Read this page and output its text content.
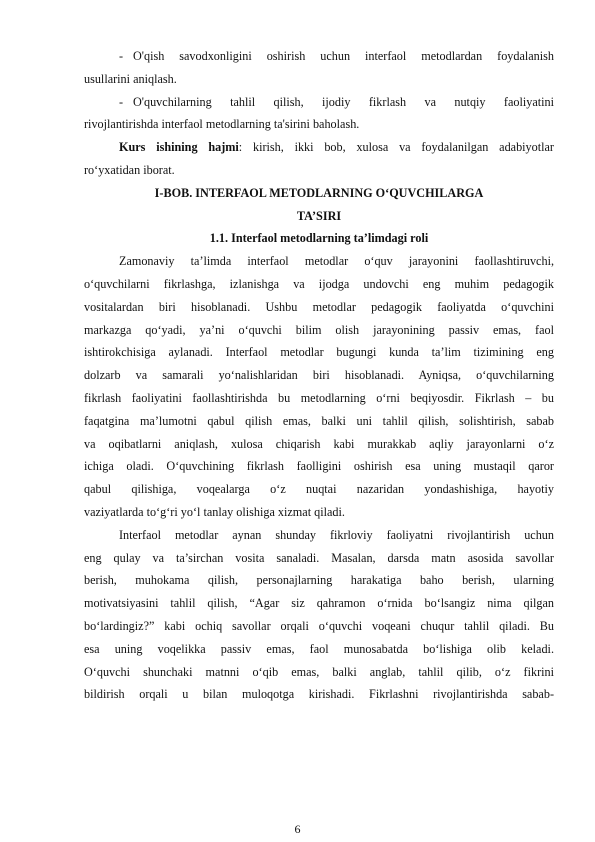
- O'qish savodxonligini oshirish uchun interfaol metodlardan foydalanish
usullarini aniqlash.
- O'quvchilarning tahlil qilish, ijodiy fikrlash va nutqiy faoliyatini
rivojlantirishda interfaol metodlarning ta'sirini baholash.
Kurs ishining hajmi: kirish, ikki bob, xulosa va foydalanilgan adabiyotlar
ro‘yxatidan iborat.
I-BOB. INTERFAOL METODLARNING O‘QUVCHILARGA
TA’SIRI
1.1. Interfaol metodlarning ta’limdagi roli
Zamonaviy ta’limda interfaol metodlar o‘quv jarayonini faollashtiruvchi,
o‘quvchilarni fikrlashga, izlanishga va ijodga undovchi eng muhim pedagogik
vositalardan biri hisoblanadi. Ushbu metodlar pedagogik faoliyatda o‘quvchini
markazga qo‘yadi, ya’ni o‘quvchi bilim olish jarayonining passiv emas, faol
ishtirokchisiga aylanadi. Interfaol metodlar bugungi kunda ta’lim tizimining eng
dolzarb va samarali yo‘nalishlaridan biri hisoblanadi. Ayniqsa, o‘quvchilarning
fikrlash faoliyatini faollashtirishda bu metodlarning o‘rni beqiyosdir. Fikrlash – bu
faqatgina ma’lumotni qabul qilish emas, balki uni tahlil qilish, solishtirish, sabab
va oqibatlarni aniqlash, xulosa chiqarish kabi murakkab aqliy jarayonlarni o‘z
ichiga oladi. O‘quvchining fikrlash faolligini oshirish esa uning mustaqil qaror
qabul qilishiga, voqealarga o‘z nuqtai nazaridan yondashishiga, hayotiy
vaziyatlarda to‘g‘ri yo‘l tanlay olishiga xizmat qiladi.
Interfaol metodlar aynan shunday fikrloviy faoliyatni rivojlantirish uchun
eng qulay va ta’sirchan vosita sanaladi. Masalan, darsda matn asosida savollar
berish, muhokama qilish, personajlarning harakatiga baho berish, ularning
motivatsiyasini tahlil qilish, “Agar siz qahramon o‘rnida bo‘lsangiz nima qilgan
bo‘lardingiz?” kabi ochiq savollar orqali o‘quvchi voqeani chuqur tahlil qiladi. Bu
esa uning voqelikka passiv emas, faol munosabatda bo‘lishiga olib keladi.
O‘quvchi shunchaki matnni o‘qib emas, balki anglab, tahlil qilib, o‘z fikrini
bildirish orqali u bilan muloqotga kirishadi. Fikrlashni rivojlantirishda sabab-
6
